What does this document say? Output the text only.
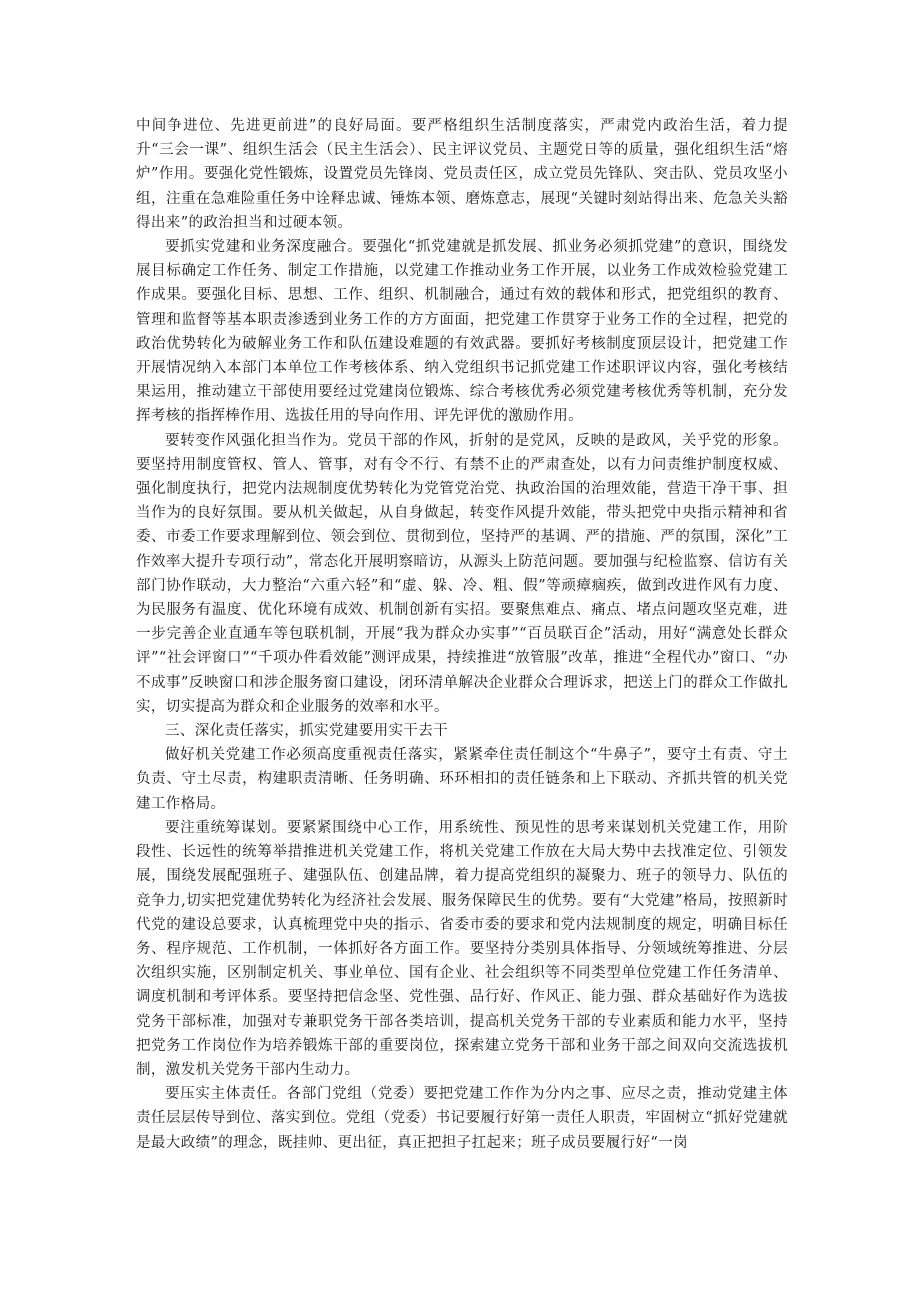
中间争进位、先进更前进”的良好局面。要严格组织生活制度落实，严肃党内政治生活，着力提升“三会一课”、组织生活会（民主生活会）、民主评议党员、主题党日等的质量，强化组织生活“熔炉”作用。要强化党性锻炼，设置党员先锋岗、党员责任区，成立党员先锋队、突击队、党员攻坚小组，注重在急难险重任务中诠释忠诚、锤炼本领、磨炼意志，展现“关键时刻站得出来、危急关头豁得出来”的政治担当和过硬本领。

要抓实党建和业务深度融合。要强化“抓党建就是抓发展、抓业务必须抓党建”的意识，围绕发展目标确定工作任务、制定工作措施，以党建工作推动业务工作开展，以业务工作成效检验党建工作成果。要强化目标、思想、工作、组织、机制融合，通过有效的载体和形式，把党组织的教育、管理和监督等基本职责渗透到业务工作的方方面面，把党建工作贯穿于业务工作的全过程，把党的政治优势转化为破解业务工作和队伍建设难题的有效武器。要抓好考核制度顶层设计，把党建工作开展情况纳入本部门本单位工作考核体系、纳入党组织书记抓党建工作述职评议内容，强化考核结果运用，推动建立干部使用要经过党建岗位锻炼、综合考核优秀必须党建考核优秀等机制，充分发挥考核的指挥棒作用、选拔任用的导向作用、评先评优的激励作用。

要转变作风强化担当作为。党员干部的作风，折射的是党风，反映的是政风，关乎党的形象。要坚持用制度管权、管人、管事，对有令不行、有禁不止的严肃查处，以有力问责维护制度权威、强化制度执行，把党内法规制度优势转化为党管党治党、执政治国的治理效能，营造干净干事、担当作为的良好氛围。要从机关做起，从自身做起，转变作风提升效能，带头把党中央指示精神和省委、市委工作要求理解到位、领会到位、贯彻到位，坚持严的基调、严的措施、严的氛围，深化”工作效率大提升专项行动”，常态化开展明察暗访，从源头上防范问题。要加强与纪检监察、信访有关部门协作联动，大力整治“六重六轻”和“虚、躲、冷、粗、假”等顽瘴痼疾，做到改进作风有力度、为民服务有温度、优化环境有成效、机制创新有实招。要聚焦难点、痛点、堵点问题攻坚克难，进一步完善企业直通车等包联机制，开展“我为群众办实事”“百员联百企”活动，用好“满意处长群众评”“社会评窗口”“千项办件看效能”测评成果，持续推进“放管服”改革，推进“全程代办”窗口、“办不成事”反映窗口和涉企服务窗口建设，闭环清单解决企业群众合理诉求，把送上门的群众工作做扎实，切实提高为群众和企业服务的效率和水平。

三、深化责任落实，抓实党建要用实干去干

做好机关党建工作必须高度重视责任落实，紧紧牵住责任制这个“牛鼻子”，要守土有责、守土负责、守土尽责，构建职责清晰、任务明确、环环相扣的责任链条和上下联动、齐抓共管的机关党建工作格局。

要注重统筹谋划。要紧紧围绕中心工作，用系统性、预见性的思考来谋划机关党建工作，用阶段性、长远性的统筹举措推进机关党建工作，将机关党建工作放在大局大势中去找准定位、引领发展，围绕发展配强班子、建强队伍、创建品牌，着力提高党组织的凝聚力、班子的领导力、队伍的竞争力,切实把党建优势转化为经济社会发展、服务保障民生的优势。要有“大党建”格局，按照新时代党的建设总要求，认真梳理党中央的指示、省委市委的要求和党内法规制度的规定，明确目标任务、程序规范、工作机制，一体抓好各方面工作。要坚持分类别具体指导、分领域统筹推进、分层次组织实施，区别制定机关、事业单位、国有企业、社会组织等不同类型单位党建工作任务清单、调度机制和考评体系。要坚持把信念坚、党性强、品行好、作风正、能力强、群众基础好作为选拔党务干部标准，加强对专兼职党务干部各类培训，提高机关党务干部的专业素质和能力水平，坚持把党务工作岗位作为培养锻炼干部的重要岗位，探索建立党务干部和业务干部之间双向交流选拔机制，激发机关党务干部内生动力。

要压实主体责任。各部门党组（党委）要把党建工作作为分内之事、应尽之责，推动党建主体责任层层传导到位、落实到位。党组（党委）书记要履行好第一责任人职责，牢固树立“抓好党建就是最大政绩”的理念，既挂帅、更出征，真正把担子扛起来；班子成员要履行好“一岗
